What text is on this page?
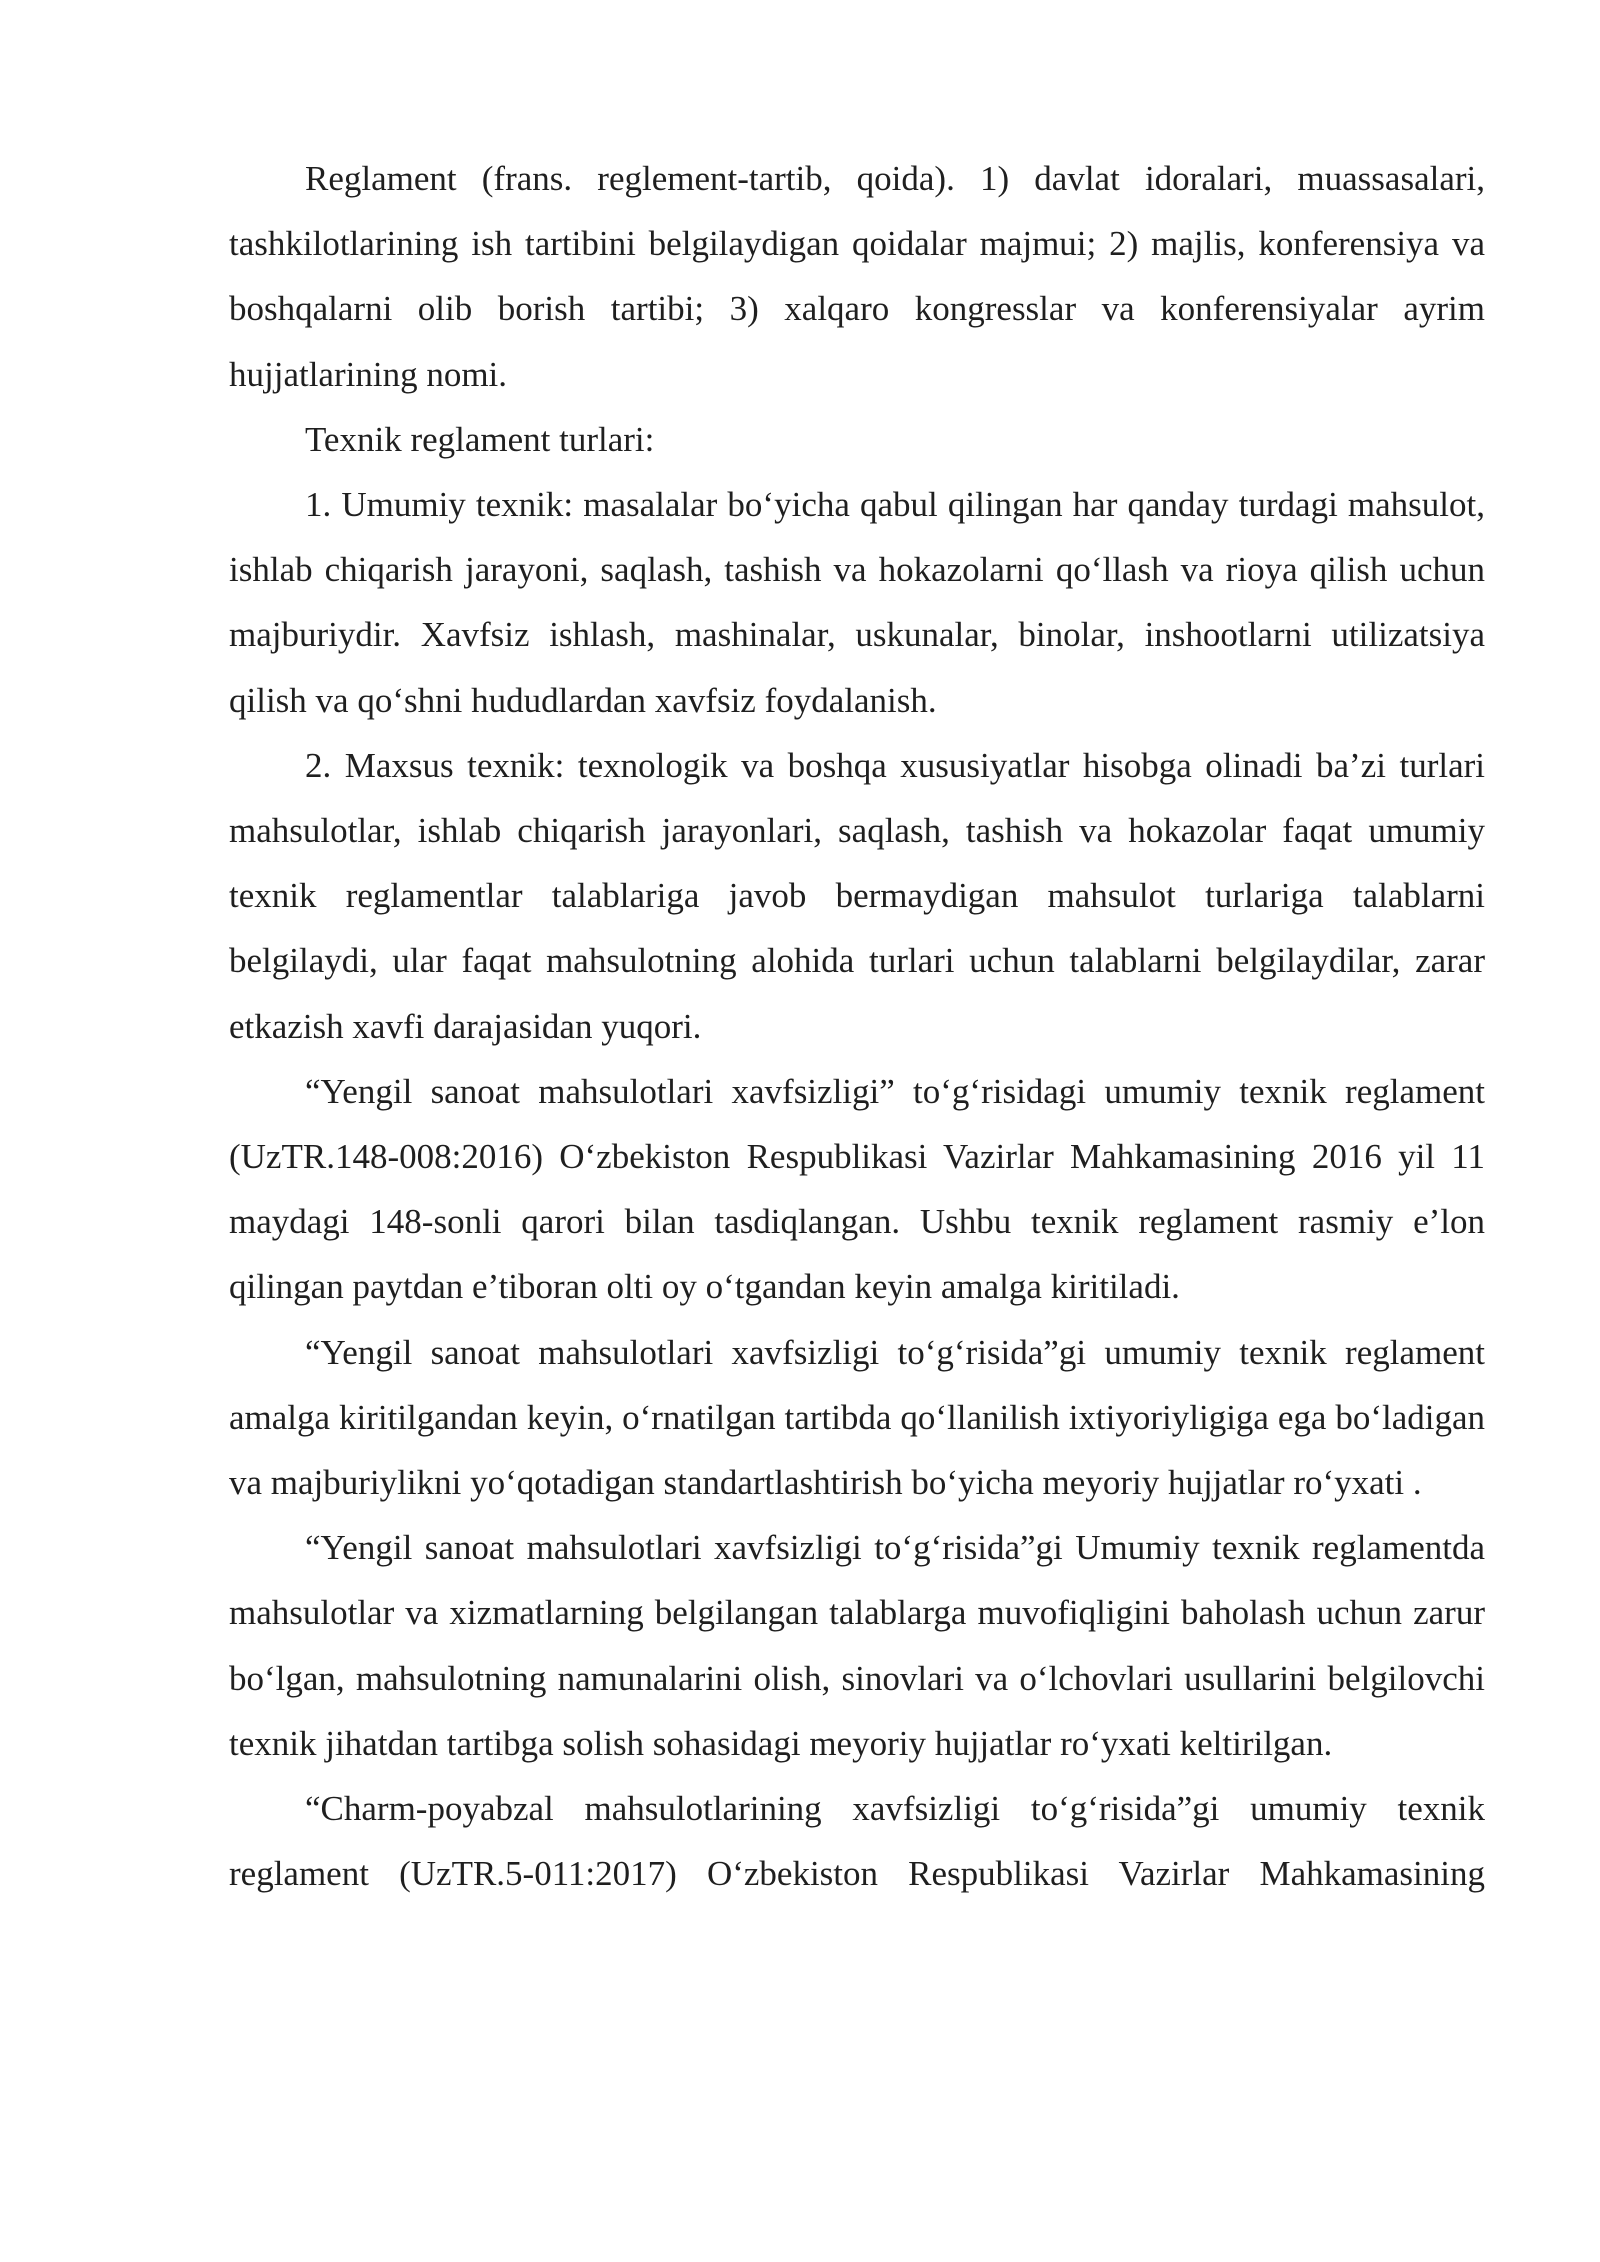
Reglament (frans. reglement-tartib, qoida). 1) davlat idoralari, muassasalari, tashkilotlarining ish tartibini belgilaydigan qoidalar majmui; 2) majlis, konferensiya va boshqalarni olib borish tartibi; 3) xalqaro kongresslar va konferensiyalar ayrim hujjatlarining nomi.

Texnik reglament turlari:

1. Umumiy texnik: masalalar bo‘yicha qabul qilingan har qanday turdagi mahsulot, ishlab chiqarish jarayoni, saqlash, tashish va hokazolarni qo‘llash va rioya qilish uchun majburiydir. Xavfsiz ishlash, mashinalar, uskunalar, binolar, inshootlarni utilizatsiya qilish va qo‘shni hududlardan xavfsiz foydalanish.

2. Maxsus texnik: texnologik va boshqa xususiyatlar hisobga olinadi ba’zi turlari mahsulotlar, ishlab chiqarish jarayonlari, saqlash, tashish va hokazolar faqat umumiy texnik reglamentlar talablariga javob bermaydigan mahsulot turlariga talablarni belgilaydi, ular faqat mahsulotning alohida turlari uchun talablarni belgilaydilar, zarar etkazish xavfi darajasidan yuqori.

“Yengil sanoat mahsulotlari xavfsizligi” to‘g‘risidagi umumiy texnik reglament (UzTR.148-008:2016) O‘zbekiston Respublikasi Vazirlar Mahkamasining 2016 yil 11 maydagi 148-sonli qarori bilan tasdiqlangan. Ushbu texnik reglament rasmiy e’lon qilingan paytdan e’tiboran olti oy o‘tgandan keyin amalga kiritiladi.

“Yengil sanoat mahsulotlari xavfsizligi to‘g‘risida”gi umumiy texnik reglament amalga kiritilgandan keyin, o‘rnatilgan tartibda qo‘llanilish ixtiyoriyligiga ega bo‘ladigan va majburiylikni yo‘qotadigan standartlashtirish bo‘yicha meyoriy hujjatlar ro‘yxati .

“Yengil sanoat mahsulotlari xavfsizligi to‘g‘risida”gi Umumiy texnik reglamentda mahsulotlar va xizmatlarning belgilangan talablarga muvofiqligini baholash uchun zarur bo‘lgan, mahsulotning namunalarini olish, sinovlari va o‘lchovlari usullarini belgilovchi texnik jihatdan tartibga solish sohasidagi meyoriy hujjatlar ro‘yxati keltirilgan.

“Charm-poyabzal mahsulotlarining xavfsizligi to‘g‘risida”gi umumiy texnik reglament (UzTR.5-011:2017) O‘zbekiston Respublikasi Vazirlar Mahkamasining
